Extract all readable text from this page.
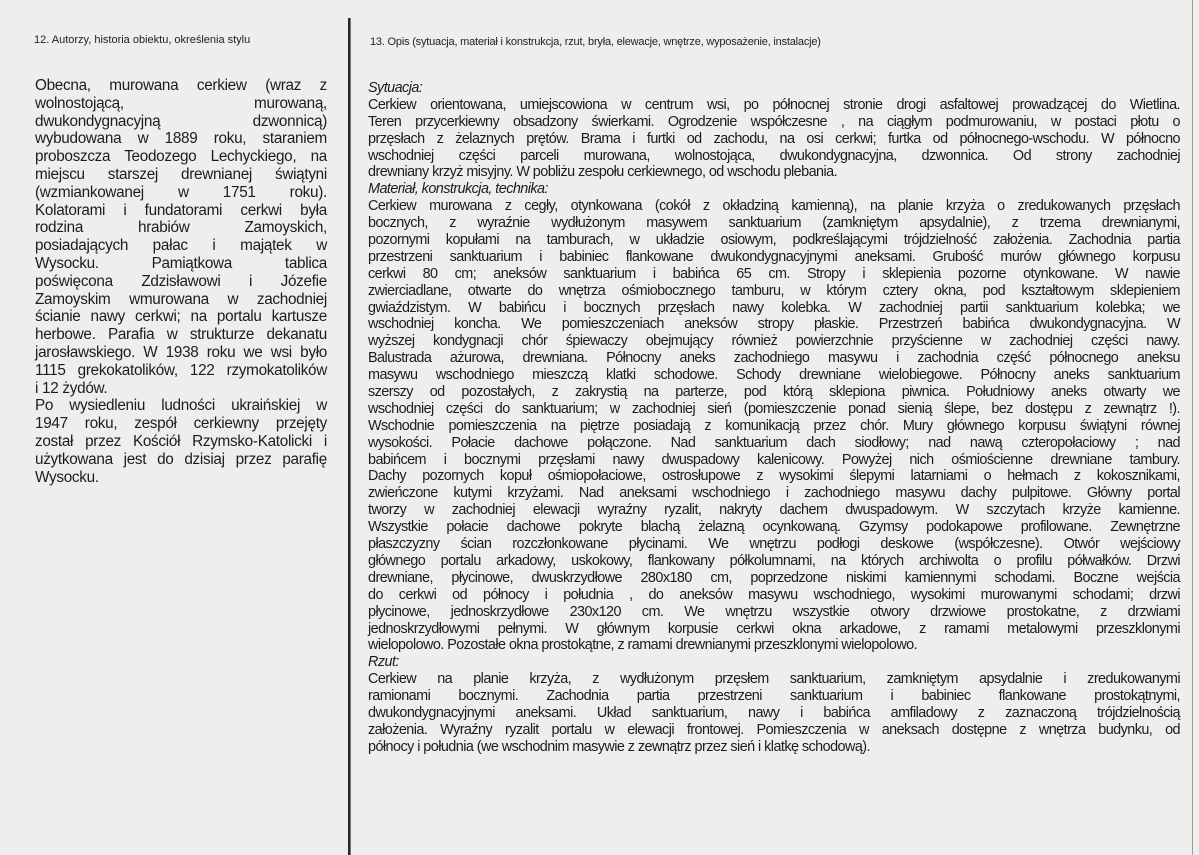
12. Autorzy, historia obiektu, określenia stylu	13. Opis (sytuacja, materiał i konstrukcja, rzut, bryła, elewacje, wnętrze, wyposażenie, instalacje)
Obecna, murowana cerkiew (wraz z
wolnostojącą, murowaną,
dwukondygnacyjną dzwonnicą)
wybudowana w 1889 roku, staraniem
proboszcza Teodozego Lechyckiego, na
miejscu starszej drewnianej świątyni
(wzmiankowanej w 1751 roku).
Kolatorami i fundatorami cerkwi była
rodzina hrabiów Zamoyskich,
posiadających pałac i majątek w
Wysocku. Pamiątkowa tablica
poświęcona Zdzisławowi i Józefie
Zamoyskim wmurowana w zachodniej
ścianie nawy cerkwi; na portalu kartusze
herbowe. Parafia w strukturze dekanatu
jarosławskiego. W 1938 roku we wsi było
1115 grekokatolików, 122 rzymokatolików
i 12 żydów.
Po wysiedleniu ludności ukraińskiej w
1947 roku, zespół cerkiewny przejęty
został przez Kościół Rzymsko-Katolicki i
użytkowana jest do dzisiaj przez parafię
Wysocku.
Sytuacja:
Cerkiew orientowana, umiejscowiona w centrum wsi, po północnej stronie drogi asfaltowej prowadzącej do Wietlina.
Teren przycerkiewny obsadzony świerkami. Ogrodzenie współczesne , na ciągłym podmurowaniu, w postaci płotu o
przęsłach z żelaznych prętów. Brama i furtki od zachodu, na osi cerkwi; furtka od północnego-wschodu. W północno
wschodniej części parceli murowana, wolnostojąca, dwukondygnacyjna, dzwonnica. Od strony zachodniej
drewniany krzyż misyjny. W pobliżu zespołu cerkiewnego, od wschodu plebania.
Materiał, konstrukcja, technika:
Cerkiew murowana z cegły, otynkowana (cokół z okładziną kamienną), na planie krzyża o zredukowanych przęsłach
bocznych, z wyraźnie wydłużonym masywem sanktuarium (zamkniętym apsydalnie), z trzema drewnianymi,
pozornymi kopułami na tamburach, w układzie osiowym, podkreślającymi trójdzielność założenia. Zachodnia partia
przestrzeni sanktuarium i babiniec flankowane dwukondygnacyjnymi aneksami. Grubość murów głównego korpusu
cerkwi 80 cm; aneksów sanktuarium i babińca 65 cm. Stropy i sklepienia pozorne otynkowane. W nawie
zwierciadlane, otwarte do wnętrza ośmiobocznego tamburu, w którym cztery okna, pod kształtowym sklepieniem
gwiaździstym. W babińcu i bocznych przęsłach nawy kolebka. W zachodniej partii sanktuarium kolebka; we
wschodniej koncha. We pomieszczeniach aneksów stropy płaskie. Przestrzeń babińca dwukondygnacyjna. W
wyższej kondygnacji chór śpiewaczy obejmujący również powierzchnie przyścienne w zachodniej części nawy.
Balustrada ażurowa, drewniana. Północny aneks zachodniego masywu i zachodnia część północnego aneksu
masywu wschodniego mieszczą klatki schodowe. Schody drewniane wielobiegowe. Północny aneks sanktuarium
szerszy od pozostałych, z zakrystią na parterze, pod którą sklepiona piwnica. Południowy aneks otwarty we
wschodniej części do sanktuarium; w zachodniej sień (pomieszczenie ponad sienią ślepe, bez dostępu z zewnątrz !).
Wschodnie pomieszczenia na piętrze posiadają z komunikacją przez chór. Mury głównego korpusu świątyni równej
wysokości. Połacie dachowe połączone. Nad sanktuarium dach siodłowy; nad nawą czteropołaciowy ; nad
babińcem i bocznymi przęsłami nawy dwuspadowy kalenicowy. Powyżej nich ośmiościenne drewniane tambury.
Dachy pozornych kopuł ośmiopołaciowe, ostrosłupowe z wysokimi ślepymi latarniami o hełmach z kokosznikami,
zwieńczone kutymi krzyżami. Nad aneksami wschodniego i zachodniego masywu dachy pulpitowe. Główny portal
tworzy w zachodniej elewacji wyraźny ryzalit, nakryty dachem dwuspadowym. W szczytach krzyże kamienne.
Wszystkie połacie dachowe pokryte blachą żelazną ocynkowaną. Gzymsy podokapowe profilowane. Zewnętrzne
płaszczyzny ścian rozczłonkowane płycinami. We wnętrzu podłogi deskowe (współczesne). Otwór wejściowy
głównego portalu arkadowy, uskokowy, flankowany półkolumnami, na których archiwolta o profilu półwałków. Drzwi
drewniane, płycinowe, dwuskrzydłowe 280x180 cm, poprzedzone niskimi kamiennymi schodami. Boczne wejścia
do cerkwi od północy i południa , do aneksów masywu wschodniego, wysokimi murowanymi schodami; drzwi
płycinowe, jednoskrzydłowe 230x120 cm. We wnętrzu wszystkie otwory drzwiowe prostokatne, z drzwiami
jednoskrzydłowymi pełnymi. W głównym korpusie cerkwi okna arkadowe, z ramami metalowymi przeszklonymi
wielopolowo. Pozostałe okna prostokątne, z ramami drewnianymi przeszklonymi wielopolowo.
Rzut:
Cerkiew na planie krzyża, z wydłużonym przęsłem sanktuarium, zamkniętym apsydalnie i zredukowanymi
ramionami bocznymi. Zachodnia partia przestrzeni sanktuarium i babiniec flankowane prostokątnymi,
dwukondygnacyjnymi aneksami. Układ sanktuarium, nawy i babińca amfiladowy z zaznaczoną trójdzielnością
założenia. Wyraźny ryzalit portalu w elewacji frontowej. Pomieszczenia w aneksach dostępne z wnętrza budynku, od
północy i południa (we wschodnim masywie z zewnątrz przez sień i klatkę schodową).
